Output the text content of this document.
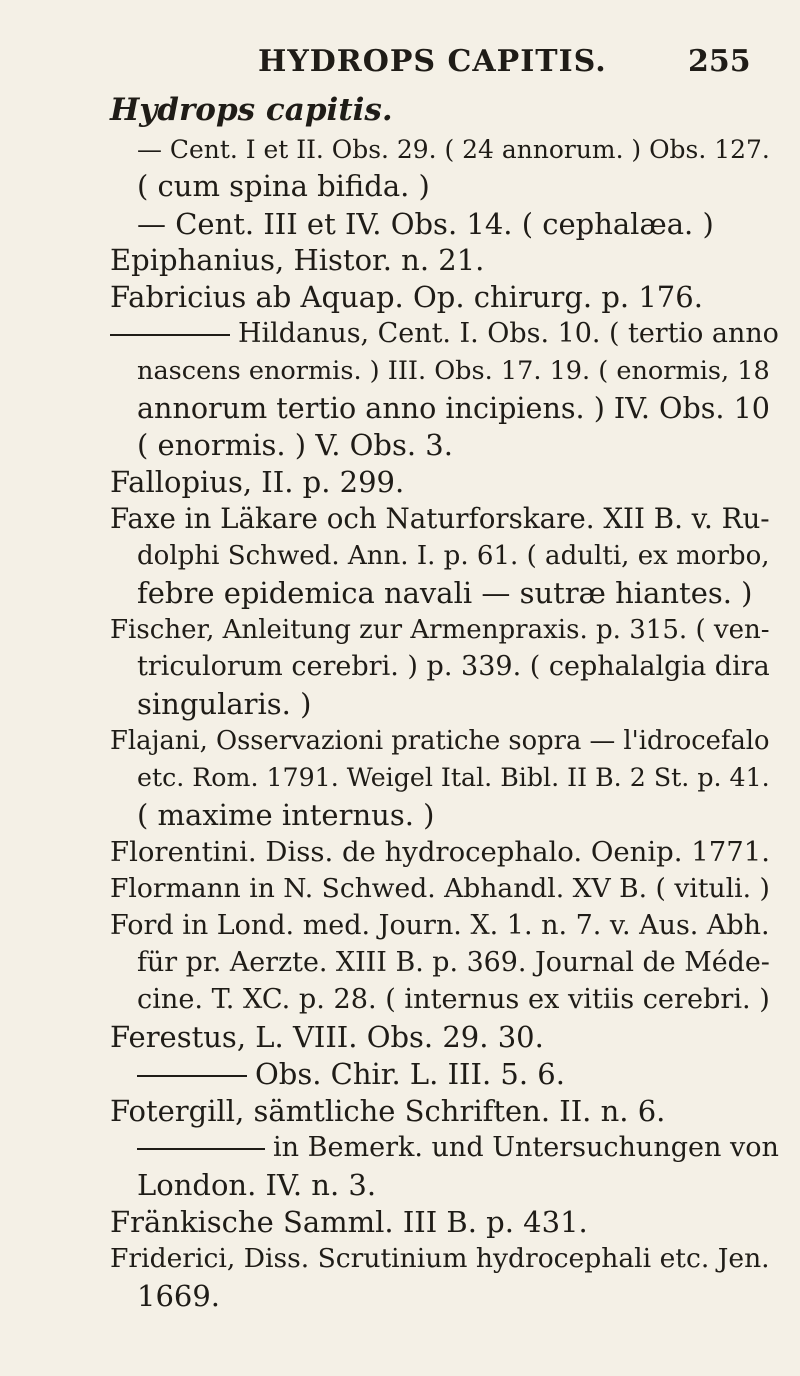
HYDROPS CAPITIS.	255
Hydrops capitis.
— Cent. I et II. Obs. 29. ( 24 annorum. ) Obs. 127.
( cum spina bifida. )
— Cent. III et IV. Obs. 14. ( cephalæa. )
Epiphanius, Histor. n. 21.
Fabricius ab Aquap. Op. chirurg. p. 176.
Hildanus, Cent. I. Obs. 10. ( tertio anno
nascens enormis. ) III. Obs. 17. 19. ( enormis, 18
annorum tertio anno incipiens. ) IV. Obs. 10
( enormis. ) V. Obs. 3.
Fallopius, II. p. 299.
Faxe in Läkare och Naturforskare. XII B. v. Ru-
dolphi Schwed. Ann. I. p. 61. ( adulti, ex morbo,
febre epidemica navali — sutræ hiantes. )
Fischer, Anleitung zur Armenpraxis. p. 315. ( ven-
triculorum cerebri. ) p. 339. ( cephalalgia dira
singularis. )
Flajani, Osservazioni pratiche sopra — l'idrocefalo
etc. Rom. 1791. Weigel Ital. Bibl. II B. 2 St. p. 41.
( maxime internus. )
Florentini. Diss. de hydrocephalo. Oenip. 1771.
Flormann in N. Schwed. Abhandl. XV B. ( vituli. )
Ford in Lond. med. Journ. X. 1. n. 7. v. Aus. Abh.
für pr. Aerzte. XIII B. p. 369. Journal de Méde-
cine. T. XC. p. 28. ( internus ex vitiis cerebri. )
Ferestus, L. VIII. Obs. 29. 30.
Obs. Chir. L. III. 5. 6.
Fotergill, sämtliche Schriften. II. n. 6.
in Bemerk. und Untersuchungen von
London. IV. n. 3.
Fränkische Samml. III B. p. 431.
Friderici, Diss. Scrutinium hydrocephali etc. Jen.
1669.
